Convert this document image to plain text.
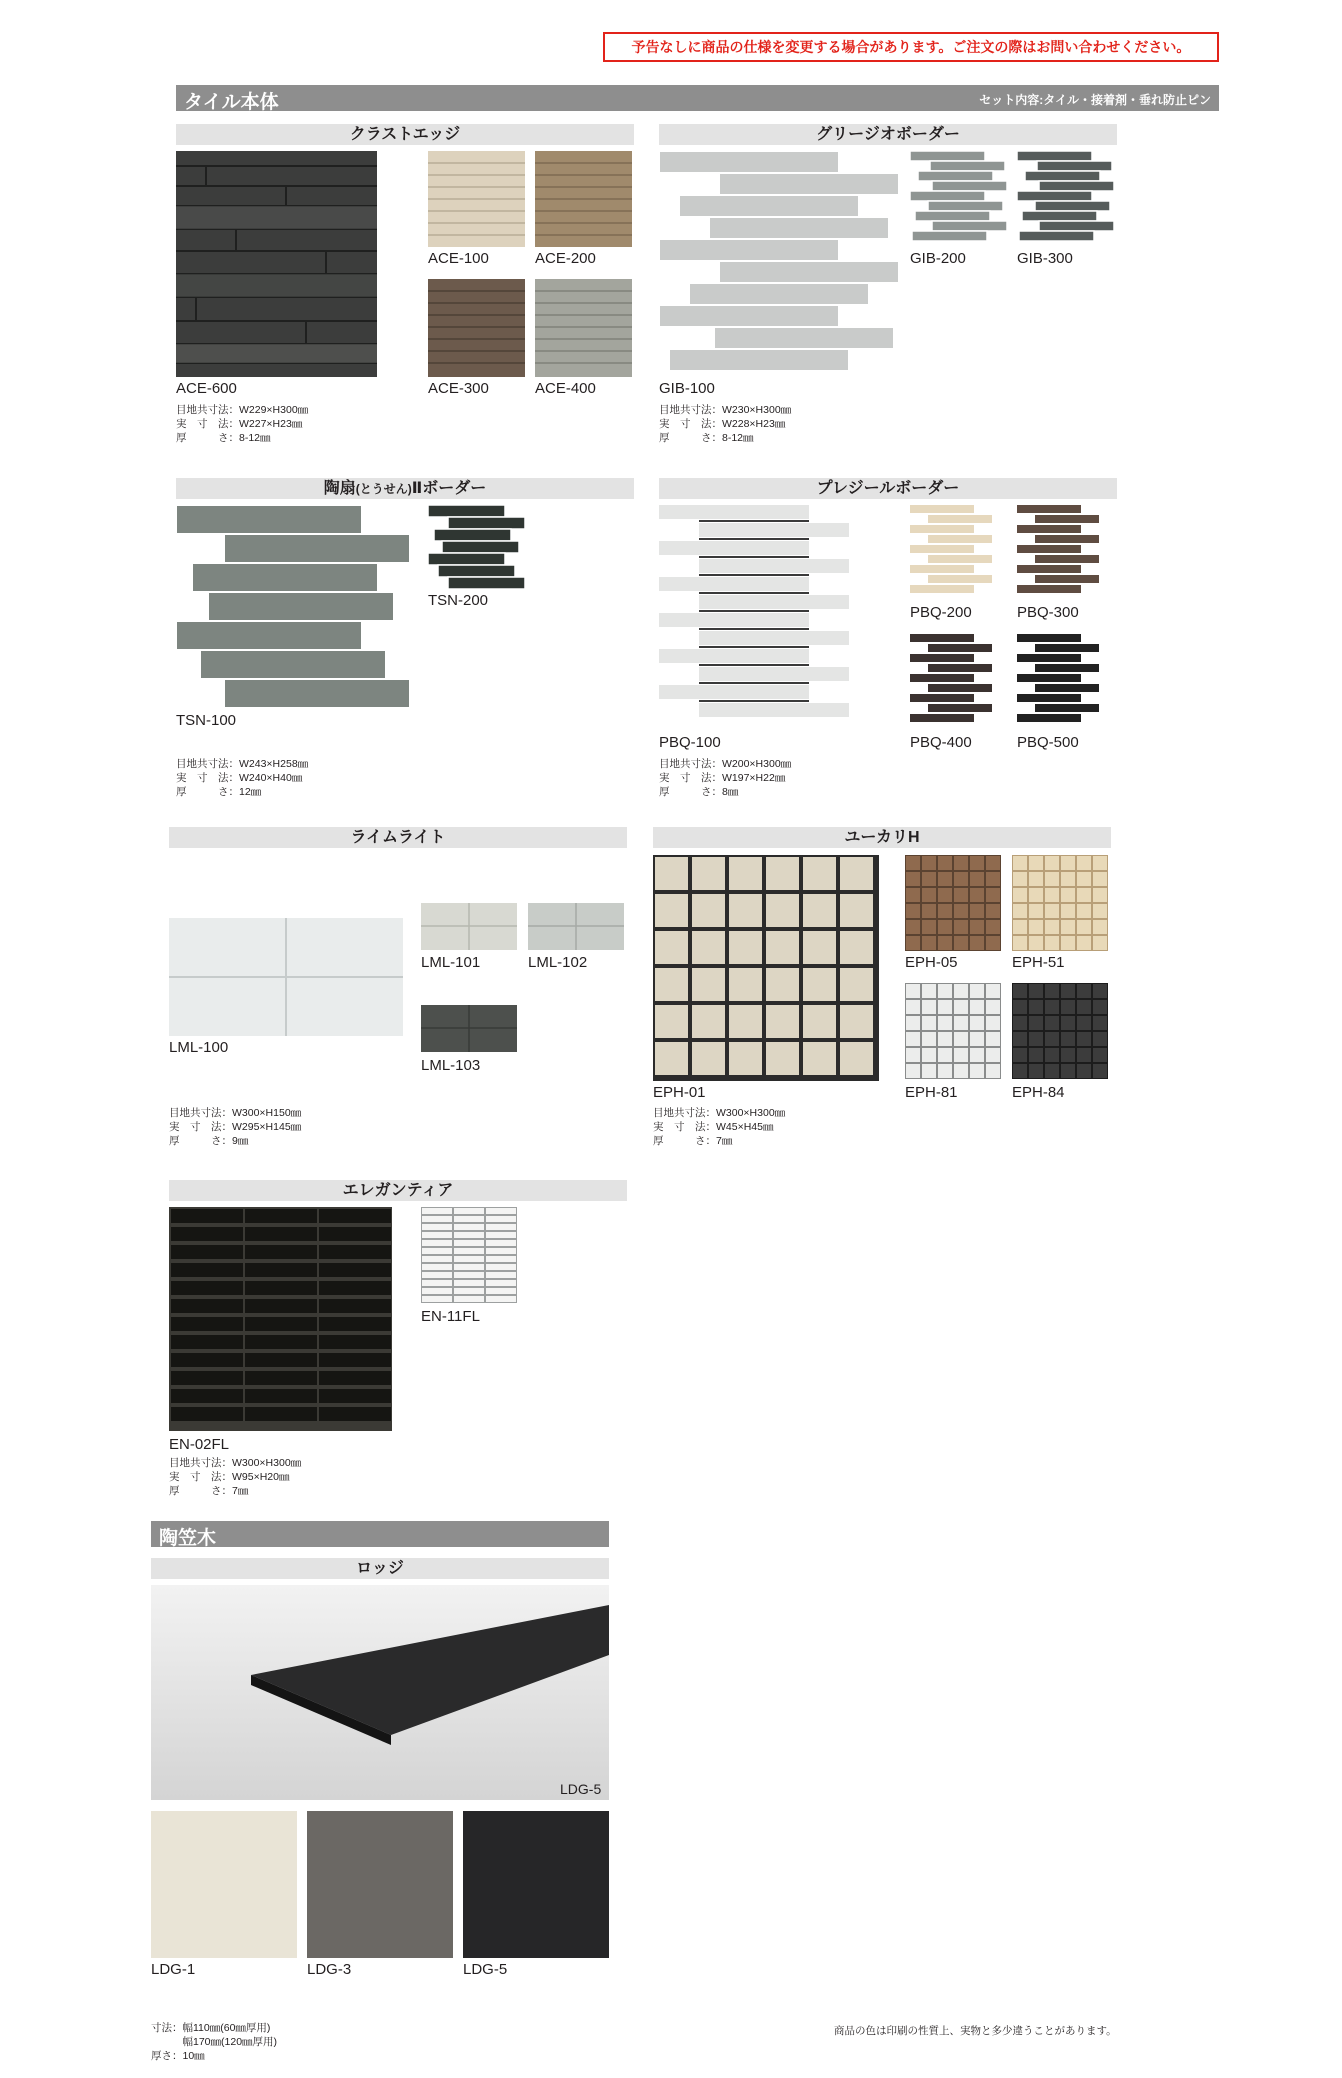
予告なしに商品の仕様を変更する場合があります。ご注文の際はお問い合わせください。
タイル本体	セット内容:タイル・接着剤・垂れ防止ピン
クラストエッジ
ACE-600
ACE-100	ACE-200
ACE-300	ACE-400
目地共寸法：W229×H300㎜
実　寸　法：W227×H23㎜
厚　　　さ：8-12㎜
グリージオボーダー
GIB-100
GIB-200	GIB-300
目地共寸法：W230×H300㎜
実　寸　法：W228×H23㎜
厚　　　さ：8-12㎜
陶扇(とうせん)Ⅱボーダー
TSN-100
TSN-200
目地共寸法：W243×H258㎜
実　寸　法：W240×H40㎜
厚　　　さ：12㎜
プレジールボーダー
PBQ-100
PBQ-200	PBQ-300
PBQ-400	PBQ-500
目地共寸法：W200×H300㎜
実　寸　法：W197×H22㎜
厚　　　さ：8㎜
ライムライト
LML-100
LML-101	LML-102
LML-103
目地共寸法：W300×H150㎜
実　寸　法：W295×H145㎜
厚　　　さ：9㎜
ユーカリH
EPH-01
EPH-05	EPH-51
EPH-81	EPH-84
目地共寸法：W300×H300㎜
実　寸　法：W45×H45㎜
厚　　　さ：7㎜
エレガンティア
EN-02FL
EN-11FL
目地共寸法：W300×H300㎜
実　寸　法：W95×H20㎜
厚　　　さ：7㎜
陶笠木
ロッジ
LDG-5
LDG-1	LDG-3	LDG-5
寸法：幅110㎜(60㎜厚用)
　　　幅170㎜(120㎜厚用)
厚さ：10㎜
商品の色は印刷の性質上、実物と多少違うことがあります。
